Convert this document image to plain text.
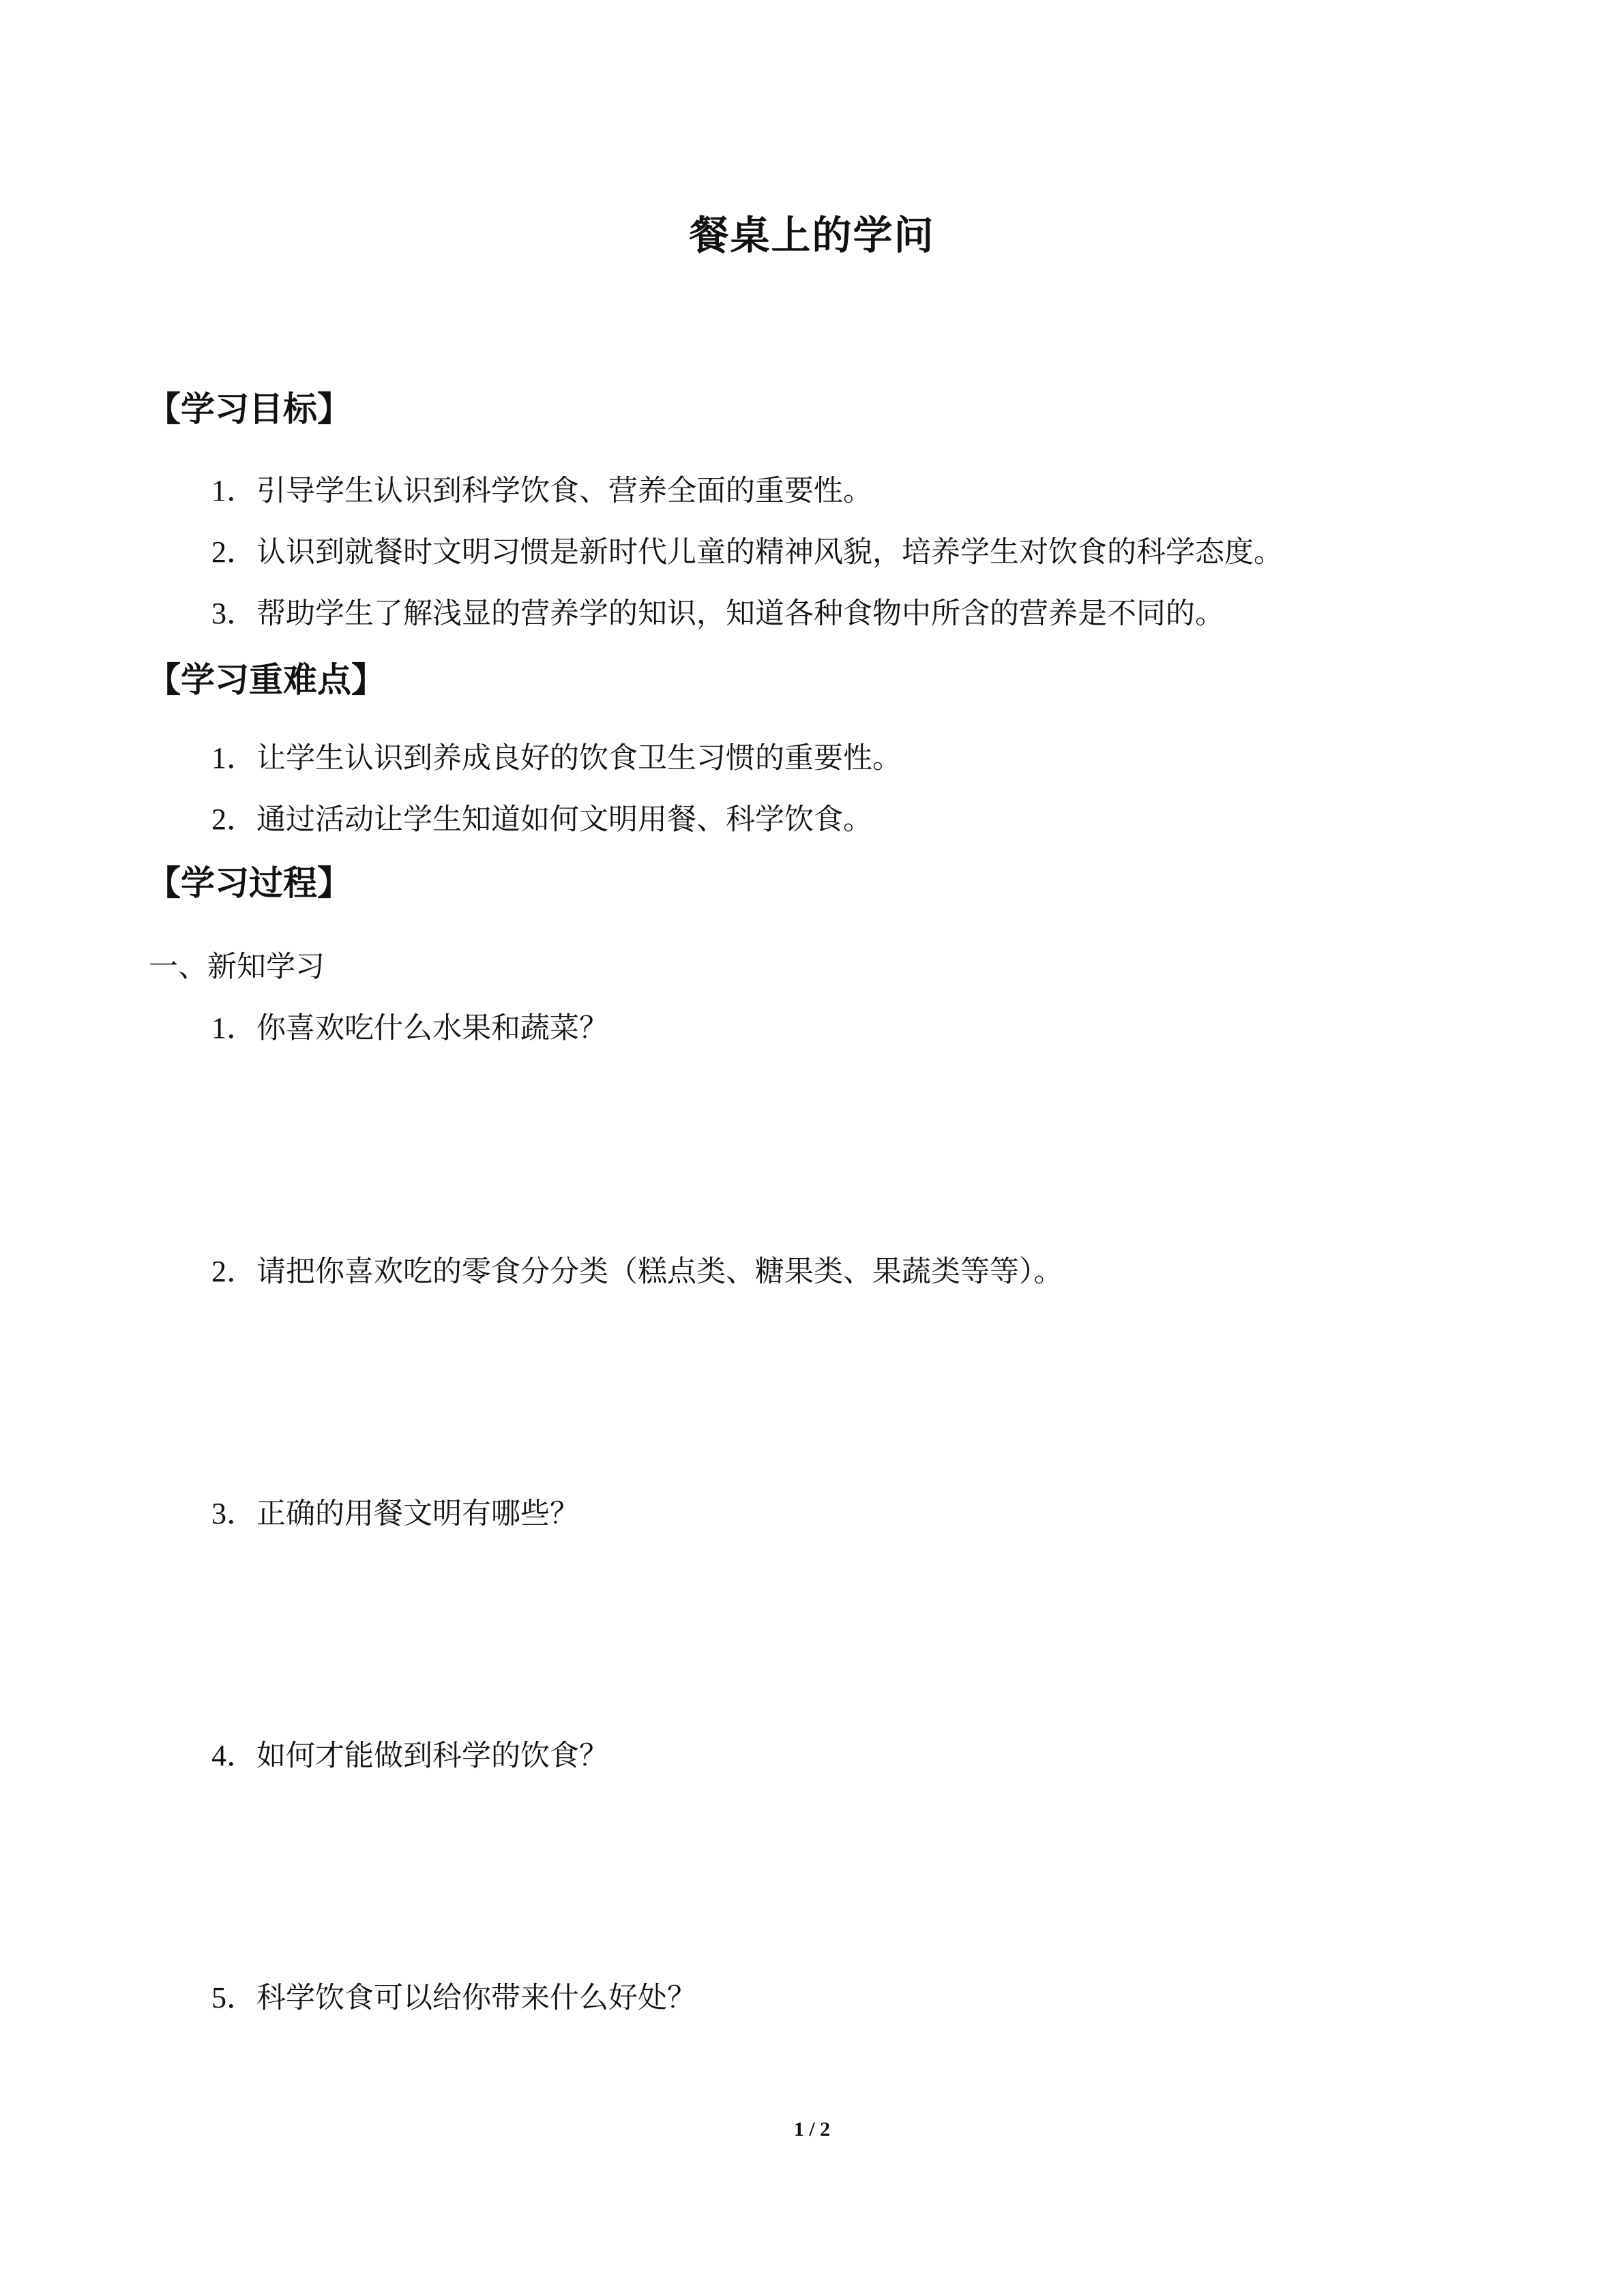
餐桌上的学问
【学习目标】
1．引导学生认识到科学饮食、营养全面的重要性。
2．认识到就餐时文明习惯是新时代儿童的精神风貌，培养学生对饮食的科学态度。
3．帮助学生了解浅显的营养学的知识，知道各种食物中所含的营养是不同的。
【学习重难点】
1．让学生认识到养成良好的饮食卫生习惯的重要性。
2．通过活动让学生知道如何文明用餐、科学饮食。
【学习过程】
一、新知学习
1．你喜欢吃什么水果和蔬菜？
2．请把你喜欢吃的零食分分类（糕点类、糖果类、果蔬类等等）。
3．正确的用餐文明有哪些？
4．如何才能做到科学的饮食？
5．科学饮食可以给你带来什么好处？
1 / 2
